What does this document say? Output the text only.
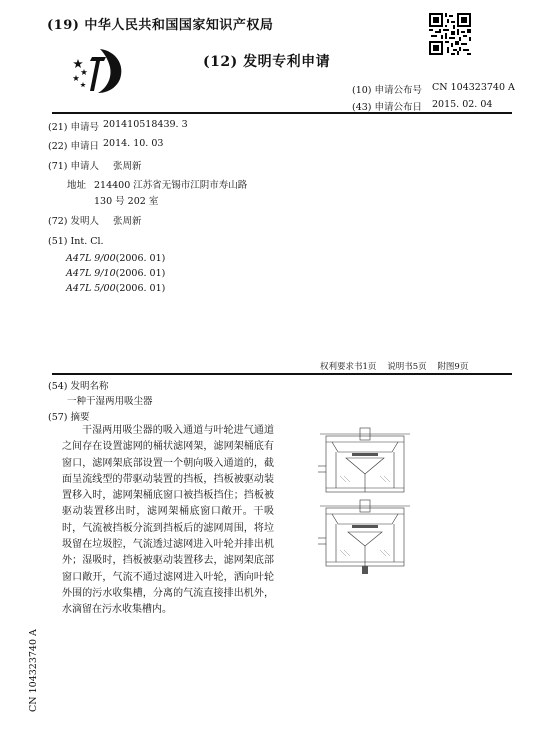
(19) 中华人民共和国国家知识产权局
(12) 发明专利申请
(10) 申请公布号 CN 104323740 A
(43) 申请公布日 2015. 02. 04
(21) 申请号 201410518439. 3
(22) 申请日 2014. 10. 03
(71) 申请人 张周新
地址 214400 江苏省无锡市江阴市寿山路
130 号 202 室
(72) 发明人 张周新
(51) Int. Cl.
A47L 9/00(2006. 01)
A47L 9/10(2006. 01)
A47L 5/00(2006. 01)
权利要求书1页    说明书5页    附图9页
(54) 发明名称
一种干湿两用吸尘器
(57) 摘要
干湿两用吸尘器的吸入通道与叶轮进气通道之间存在设置滤网的桶状滤网架，滤网架桶底有窗口，滤网架底部设置一个朝向吸入通道的，截面呈流线型的带驱动装置的挡板，挡板被驱动装置移入时，滤网架桶底窗口被挡板挡住；挡板被驱动装置移出时，滤网架桶底窗口敞开。干吸时，气流被挡板分流到挡板后的滤网周围，将垃圾留在垃圾腔，气流透过滤网进入叶轮并排出机外；湿吸时，挡板被驱动装置移去，滤网架底部窗口敞开，气流不通过滤网进入叶轮，洒向叶轮外围的污水收集槽，分离的气流直接排出机外，水滴留在污水收集槽内。
CN 104323740 A
